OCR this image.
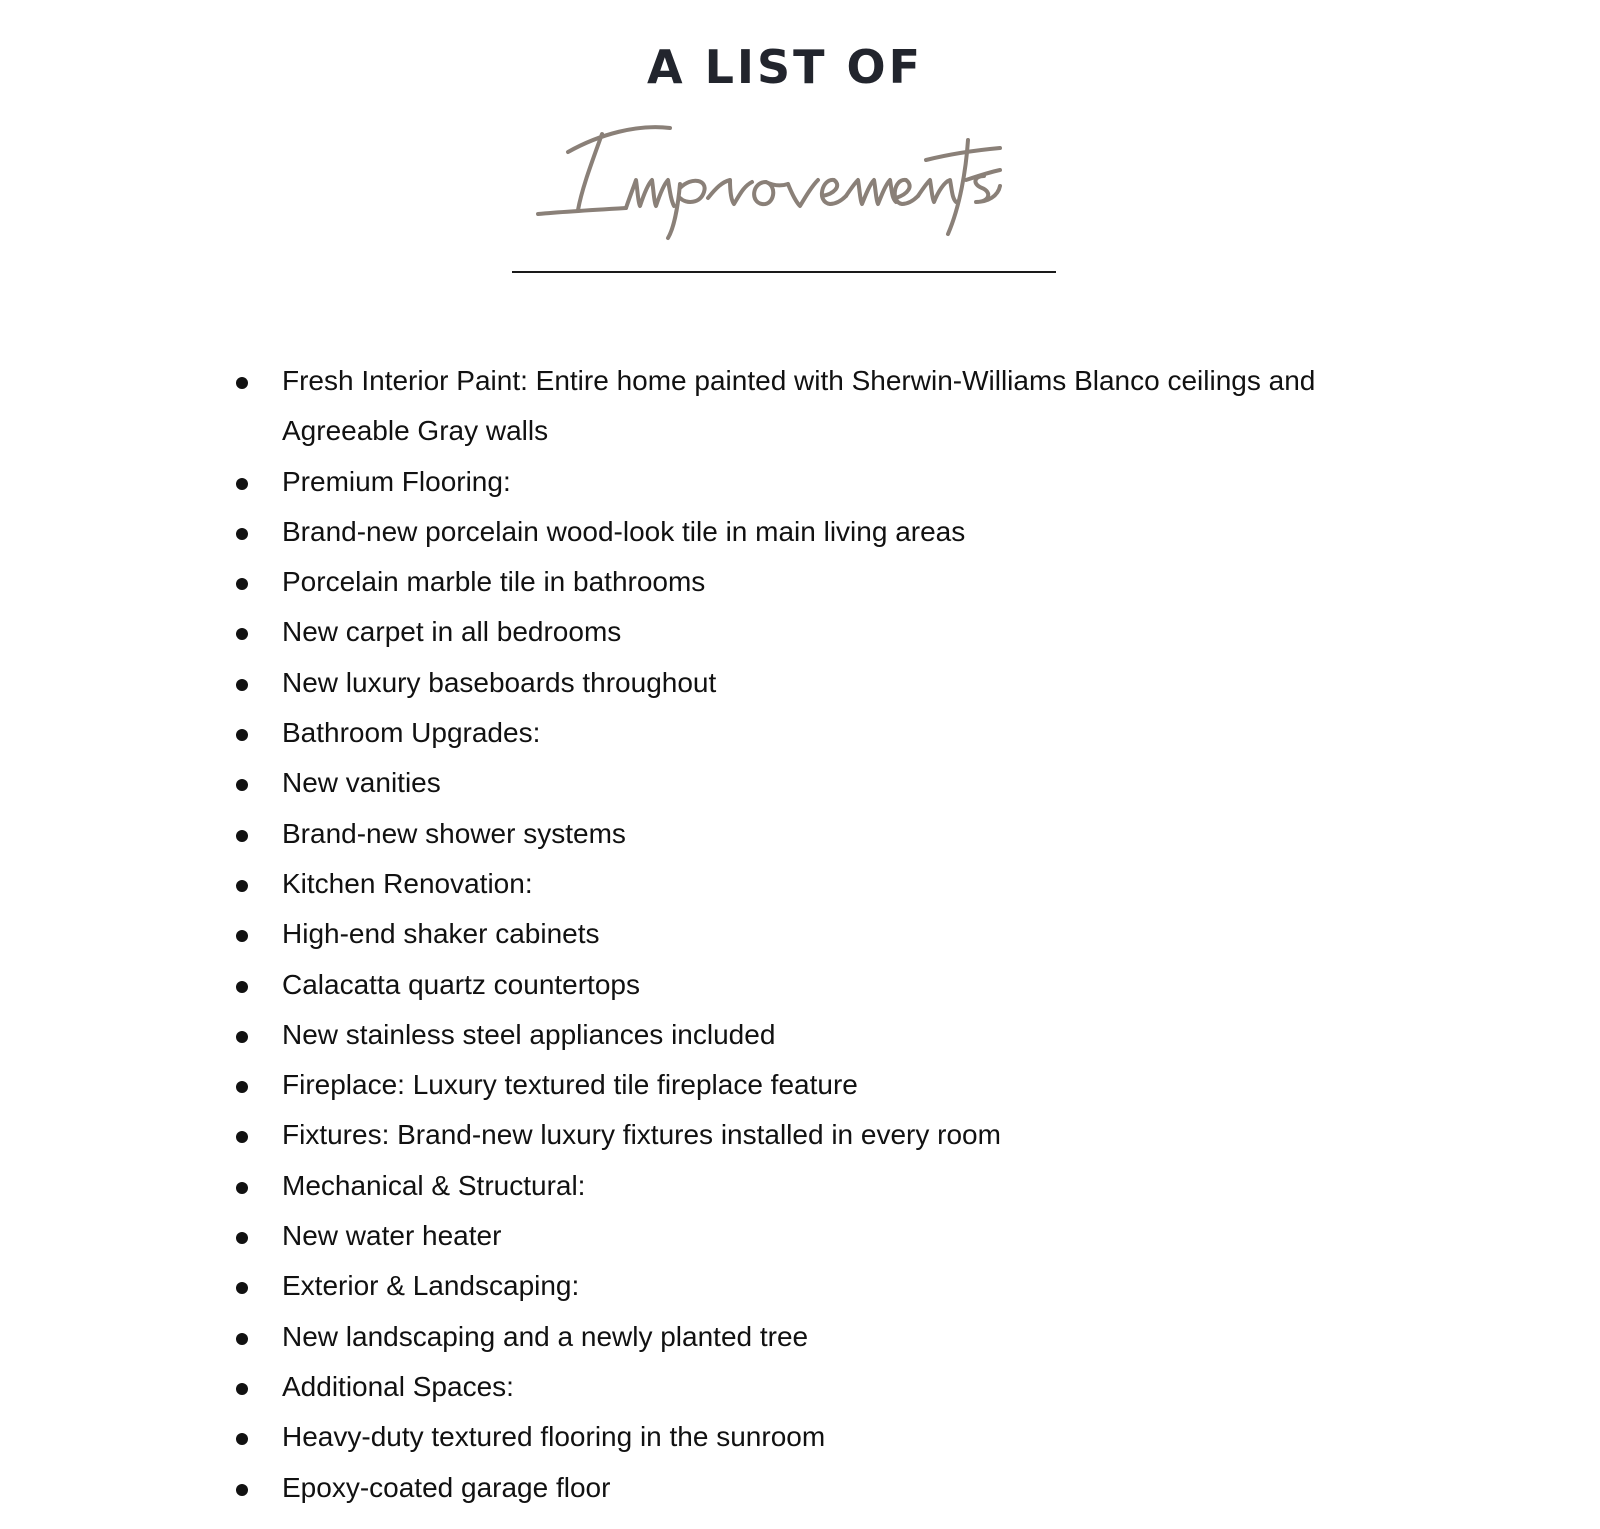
A LIST OF
Fresh Interior Paint: Entire home painted with Sherwin-Williams Blanco ceilings and Agreeable Gray walls
Premium Flooring:
Brand-new porcelain wood-look tile in main living areas
Porcelain marble tile in bathrooms
New carpet in all bedrooms
New luxury baseboards throughout
Bathroom Upgrades:
New vanities
Brand-new shower systems
Kitchen Renovation:
High-end shaker cabinets
Calacatta quartz countertops
New stainless steel appliances included
Fireplace: Luxury textured tile fireplace feature
Fixtures: Brand-new luxury fixtures installed in every room
Mechanical & Structural:
New water heater
Exterior & Landscaping:
New landscaping and a newly planted tree
Additional Spaces:
Heavy-duty textured flooring in the sunroom
Epoxy-coated garage floor
